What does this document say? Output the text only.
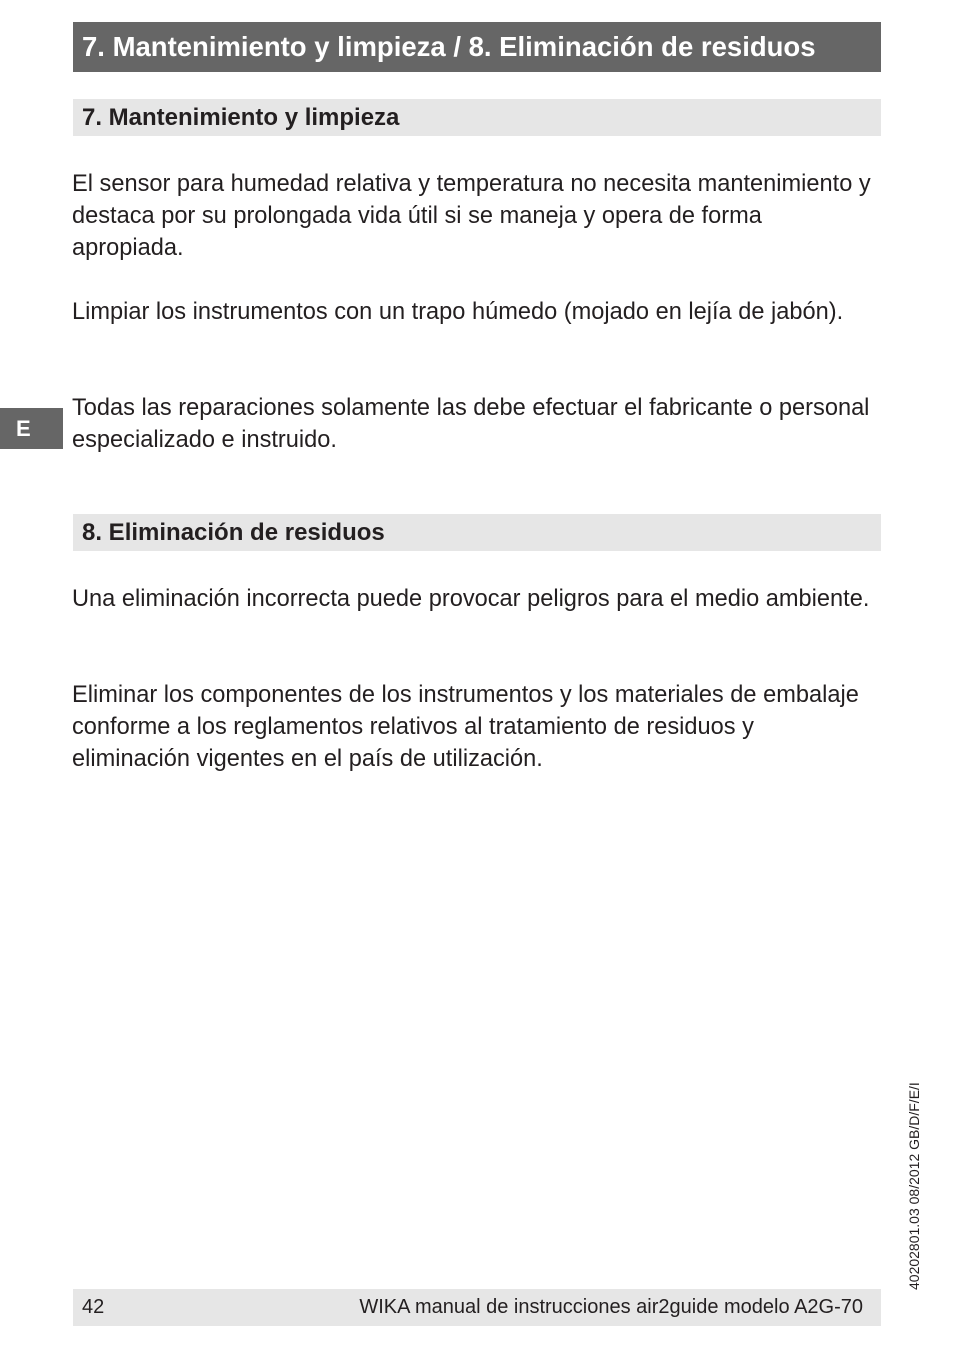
7. Mantenimiento y limpieza / 8. Eliminación de residuos
7. Mantenimiento y limpieza

El sensor para humedad relativa y temperatura no necesita mantenimiento y destaca por su prolongada vida útil si se maneja y opera de forma apropiada.

Limpiar los instrumentos con un trapo húmedo (mojado en lejía de jabón).

Todas las reparaciones solamente las debe efectuar el fabricante o personal especializado e instruido.

E
8. Eliminación de residuos

Una eliminación incorrecta puede provocar peligros para el medio ambiente.

Eliminar los componentes de los instrumentos y los materiales de embalaje conforme a los reglamentos relativos al tratamiento de residuos y eliminación vigentes en el país de utilización.

40202801.03 08/2012 GB/D/F/E/I
42	WIKA manual de instrucciones air2guide modelo A2G-70
